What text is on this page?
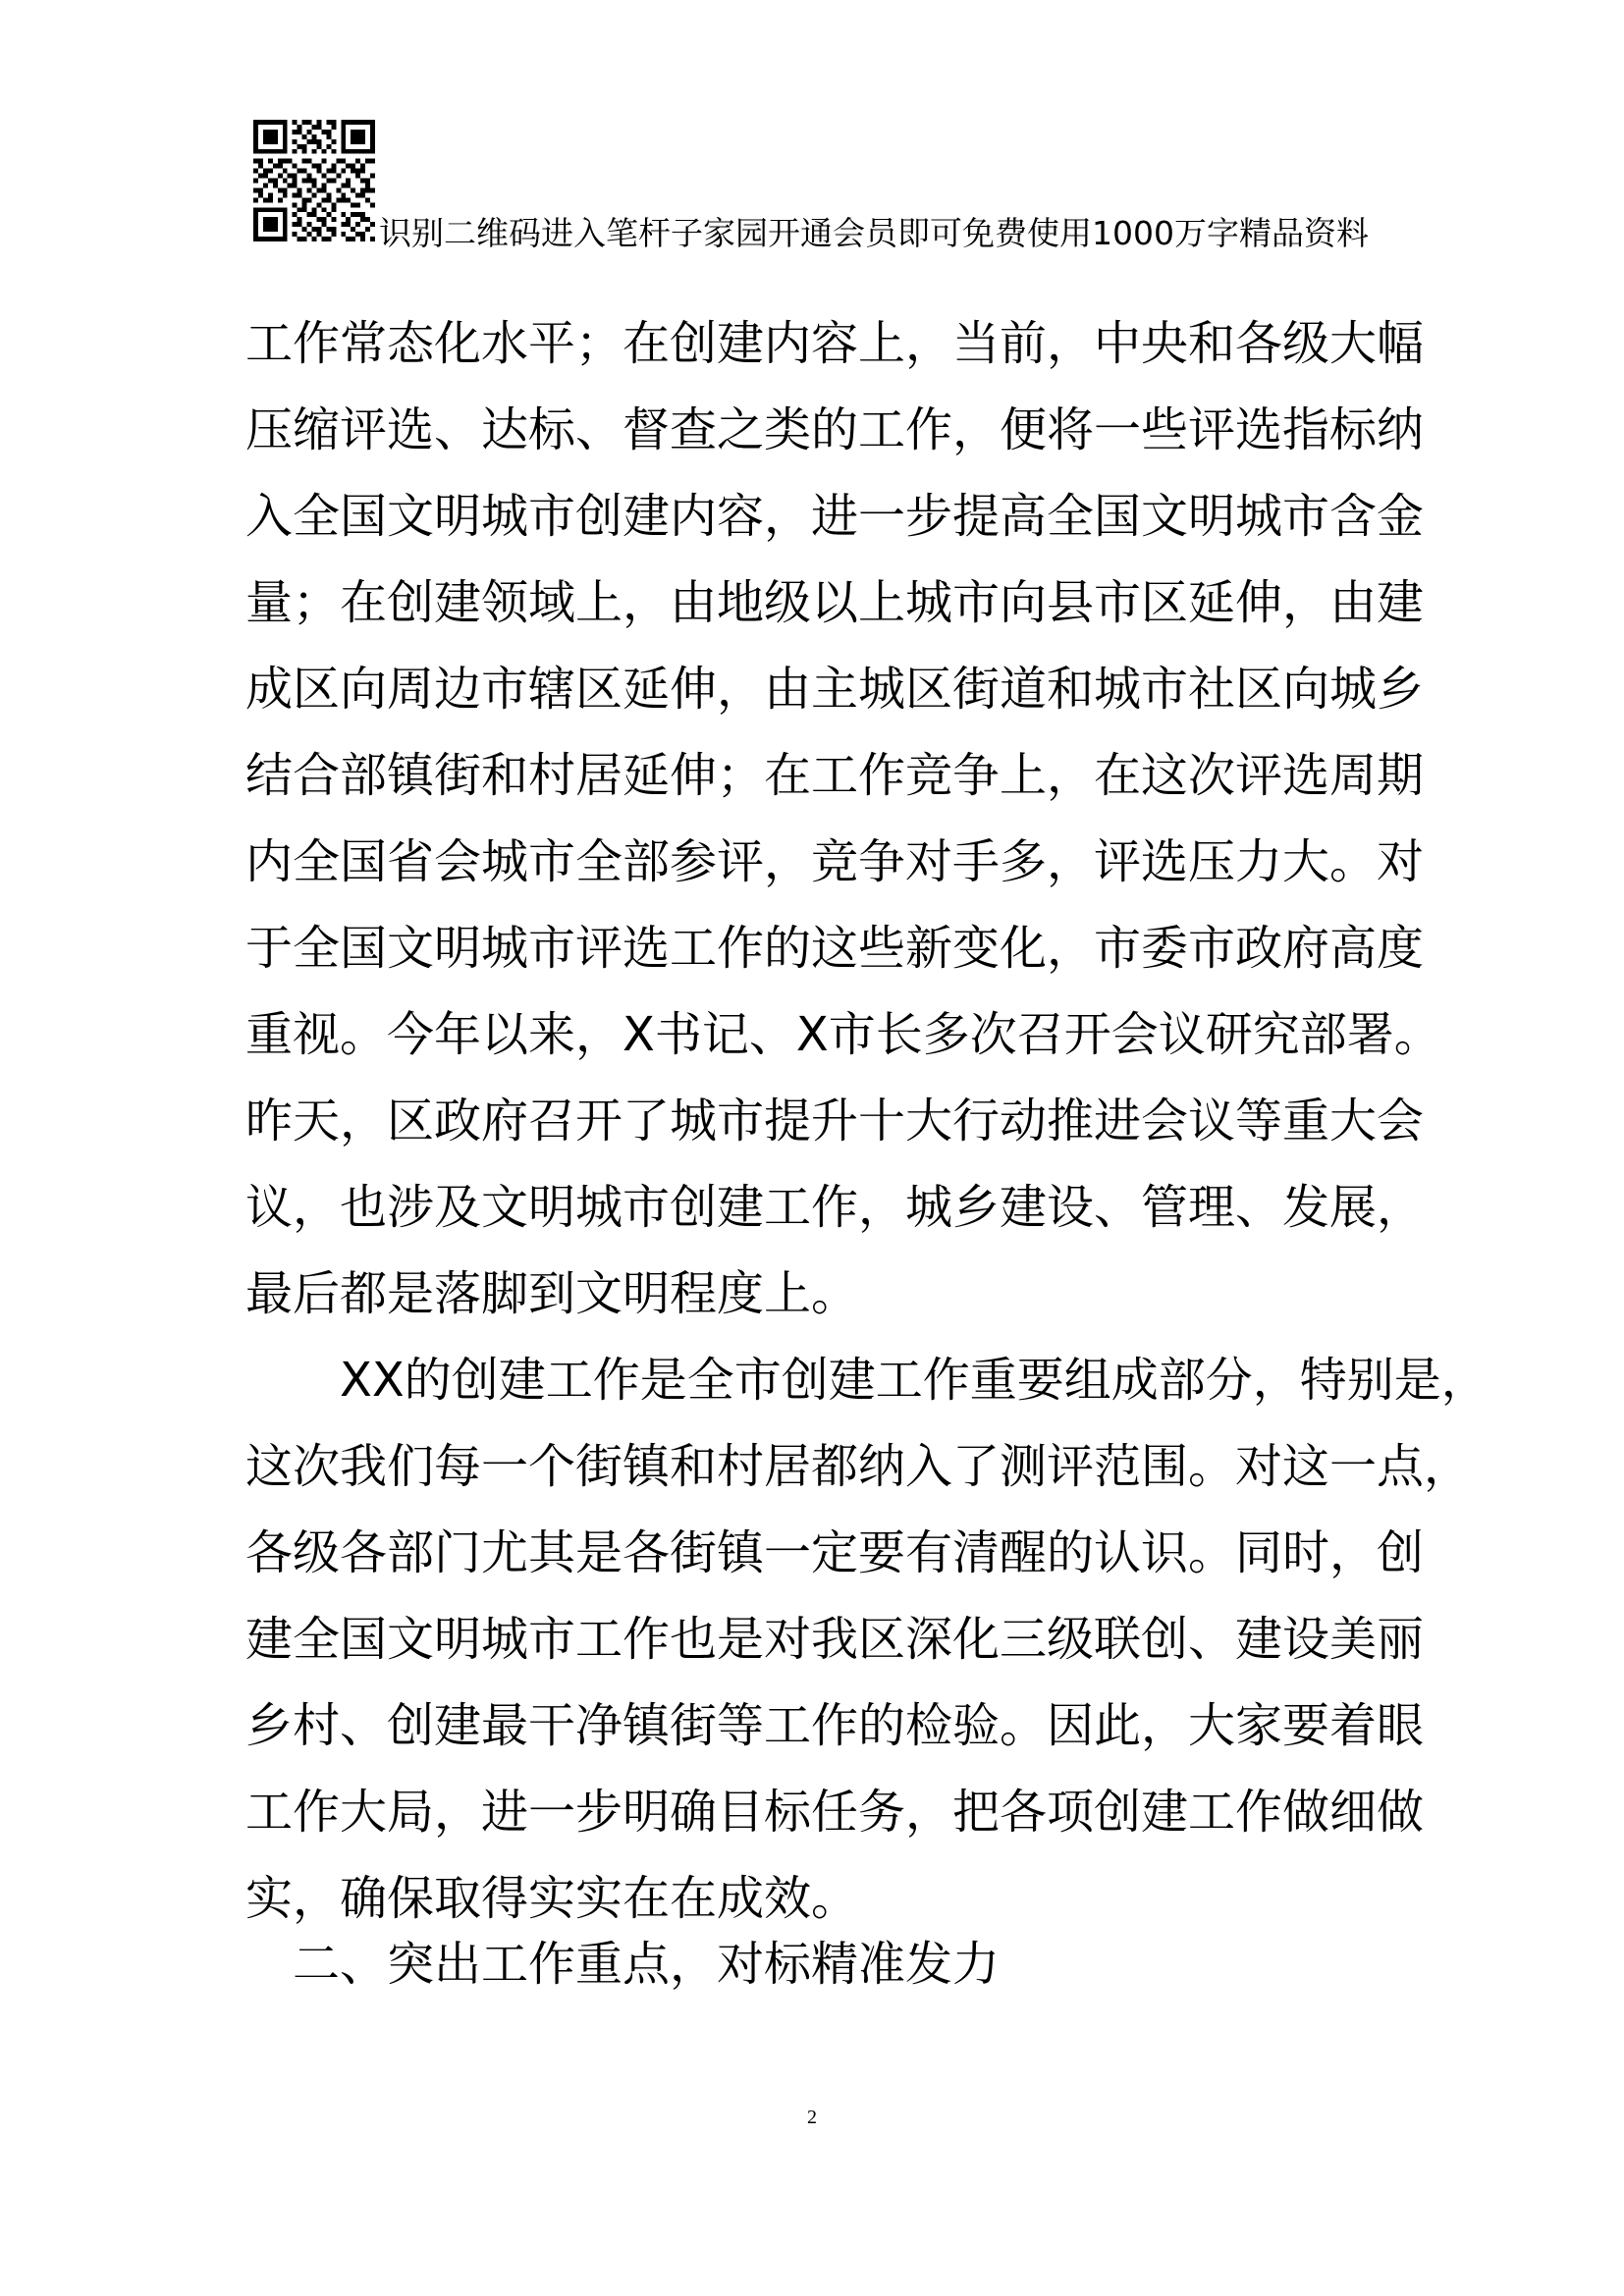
识别二维码进入笔杆子家园开通会员即可免费使用1000万字精品资料
工作常态化水平；在创建内容上，当前，中央和各级大幅
压缩评选、达标、督查之类的工作，便将一些评选指标纳
入全国文明城市创建内容，进一步提高全国文明城市含金
量；在创建领域上，由地级以上城市向县市区延伸，由建
成区向周边市辖区延伸，由主城区街道和城市社区向城乡
结合部镇街和村居延伸；在工作竞争上，在这次评选周期
内全国省会城市全部参评，竞争对手多，评选压力大。对
于全国文明城市评选工作的这些新变化，市委市政府高度
重视。今年以来，X书记、X市长多次召开会议研究部署。
昨天，区政府召开了城市提升十大行动推进会议等重大会
议，也涉及文明城市创建工作，城乡建设、管理、发展，
最后都是落脚到文明程度上。
　　XX的创建工作是全市创建工作重要组成部分，特别是，
这次我们每一个街镇和村居都纳入了测评范围。对这一点，
各级各部门尤其是各街镇一定要有清醒的认识。同时，创
建全国文明城市工作也是对我区深化三级联创、建设美丽
乡村、创建最干净镇街等工作的检验。因此，大家要着眼
工作大局，进一步明确目标任务，把各项创建工作做细做
实，确保取得实实在在成效。
二、突出工作重点，对标精准发力
2
